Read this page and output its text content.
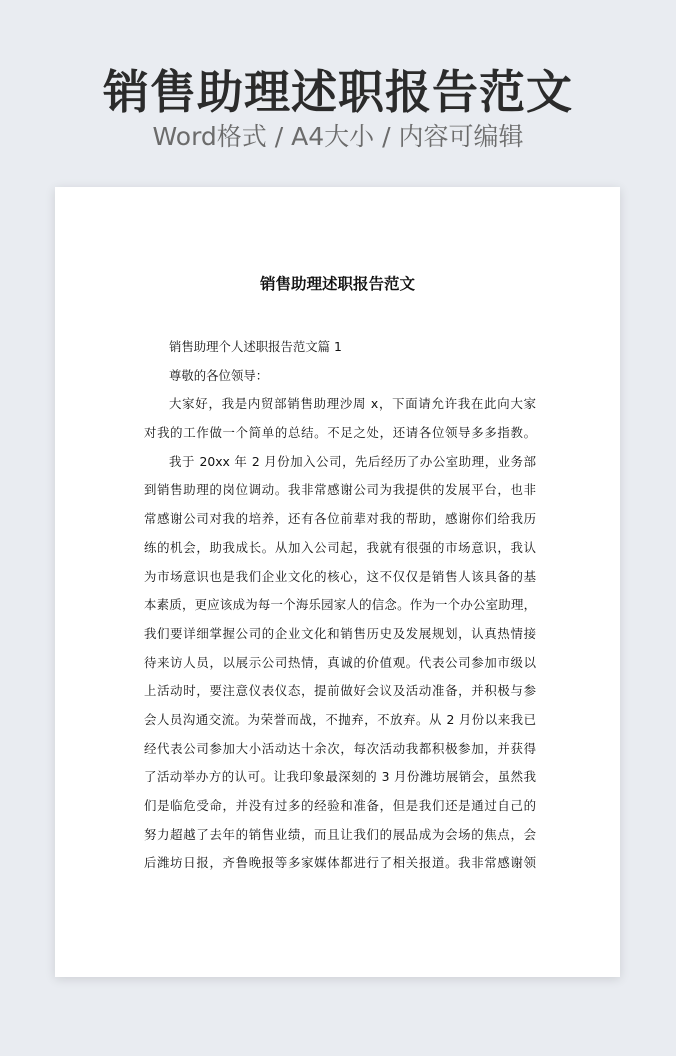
销售助理述职报告范文
Word格式 / A4大小 / 内容可编辑
销售助理述职报告范文
销售助理个人述职报告范文篇 1
尊敬的各位领导：
大家好，我是内贸部销售助理沙周 x，下面请允许我在此向大家
对我的工作做一个简单的总结。不足之处，还请各位领导多多指教。
我于 20xx 年 2 月份加入公司，先后经历了办公室助理，业务部
到销售助理的岗位调动。我非常感谢公司为我提供的发展平台，也非
常感谢公司对我的培养，还有各位前辈对我的帮助，感谢你们给我历
练的机会，助我成长。从加入公司起，我就有很强的市场意识，我认
为市场意识也是我们企业文化的核心，这不仅仅是销售人该具备的基
本素质，更应该成为每一个海乐园家人的信念。作为一个办公室助理，
我们要详细掌握公司的企业文化和销售历史及发展规划，认真热情接
待来访人员，以展示公司热情，真诚的价值观。代表公司参加市级以
上活动时，要注意仪表仪态，提前做好会议及活动准备，并积极与参
会人员沟通交流。为荣誉而战，不抛弃，不放弃。从 2 月份以来我已
经代表公司参加大小活动达十余次，每次活动我都积极参加，并获得
了活动举办方的认可。让我印象最深刻的 3 月份潍坊展销会，虽然我
们是临危受命，并没有过多的经验和准备，但是我们还是通过自己的
努力超越了去年的销售业绩，而且让我们的展品成为会场的焦点，会
后潍坊日报，齐鲁晚报等多家媒体都进行了相关报道。我非常感谢领
